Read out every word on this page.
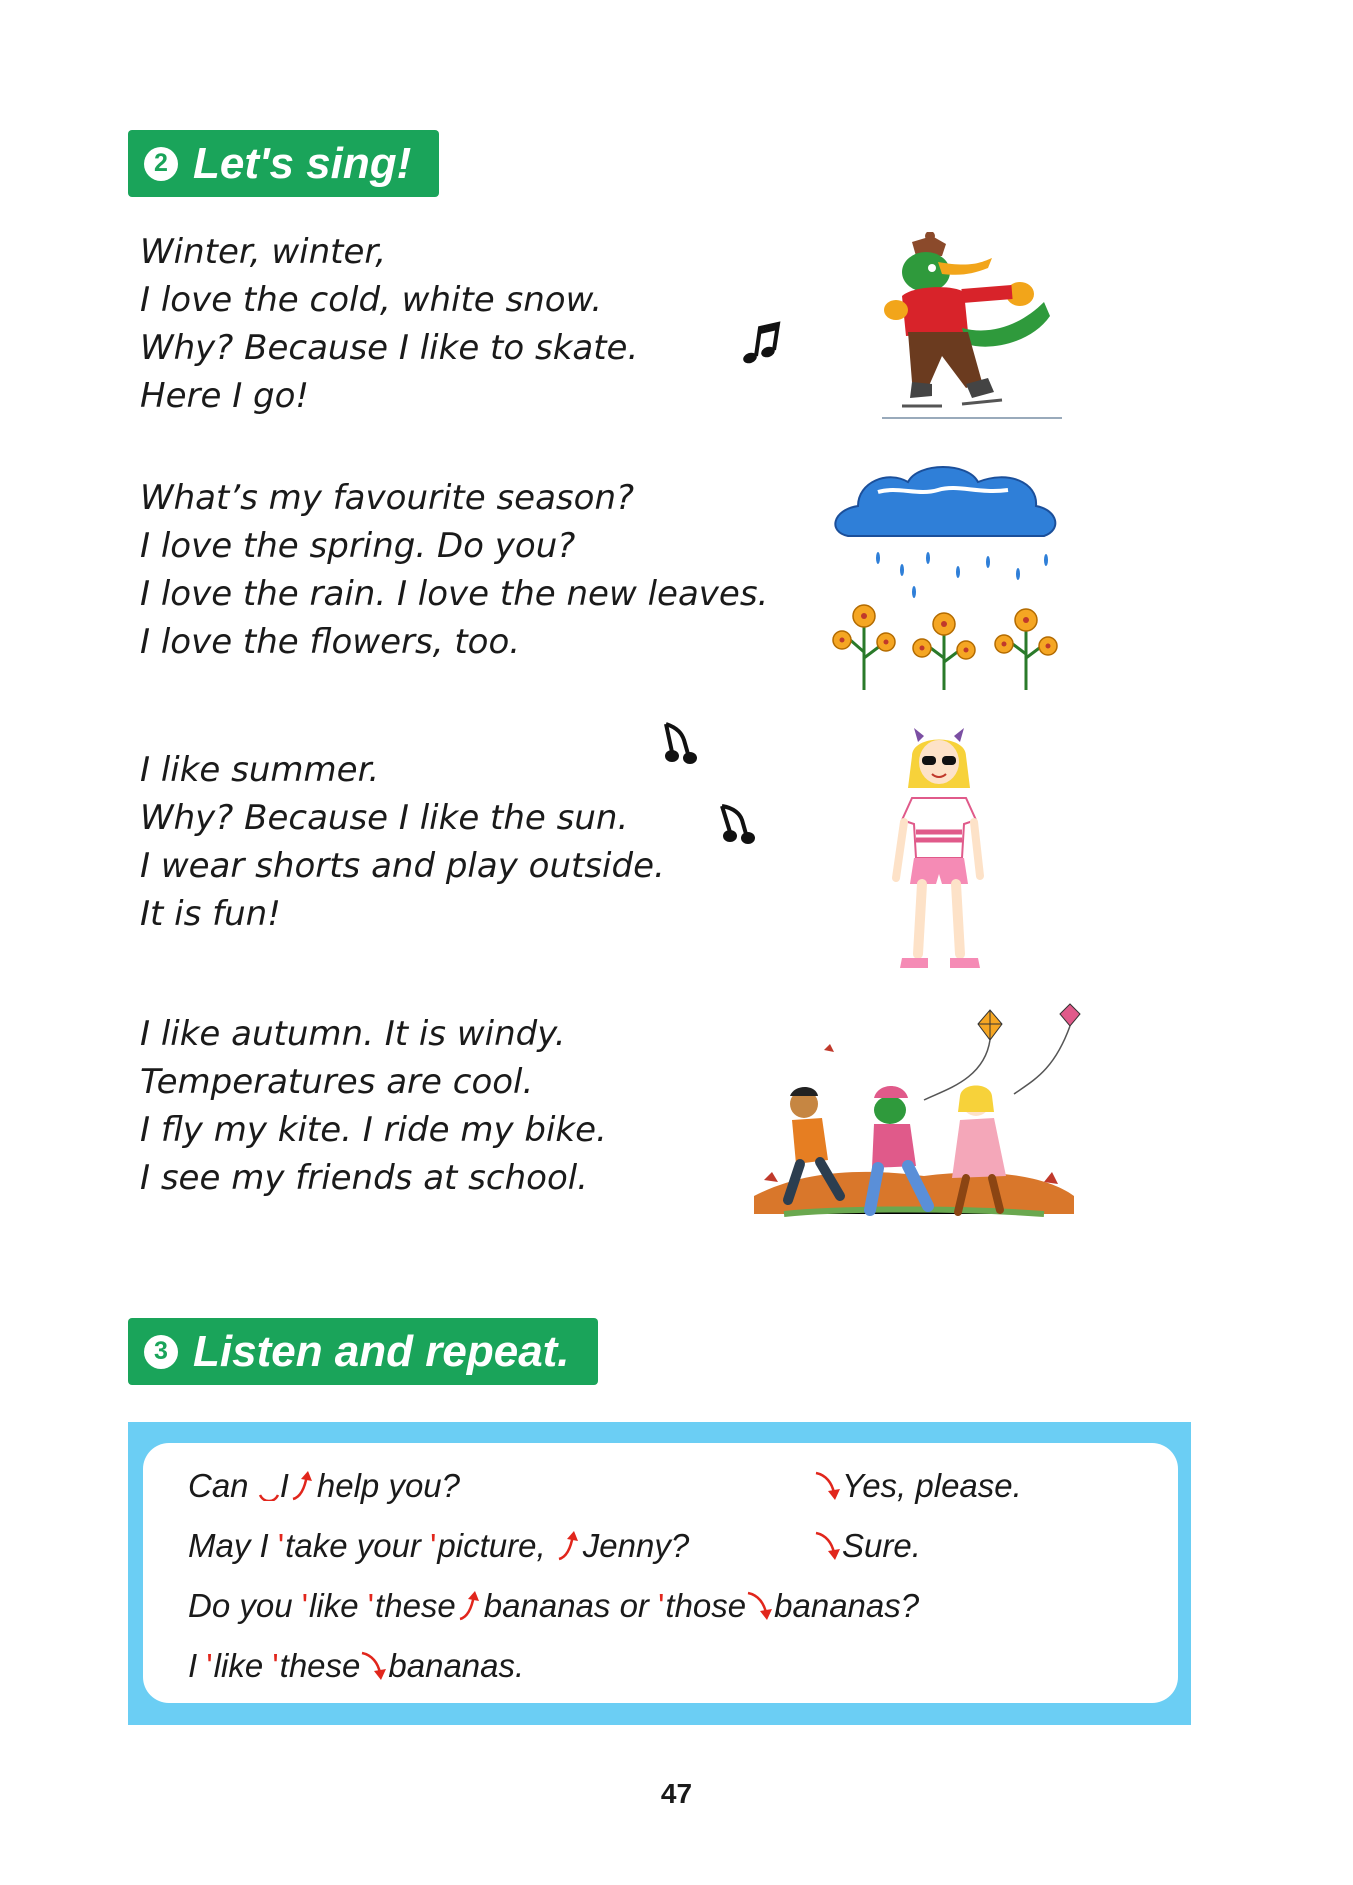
2 Let's sing!
Winter, winter,
I love the cold, white snow.
Why? Because I like to skate.
Here I go!
What’s my favourite season?
I love the spring. Do you?
I love the rain. I love the new leaves.
I love the flowers, too.
I like summer.
Why? Because I like the sun.
I wear shorts and play outside.
It is fun!
I like autumn. It is windy.
Temperatures are cool.
I fly my kite. I ride my bike.
I see my friends at school.
3 Listen and repeat.
Can I help you?	Yes, please.
May I 'take your 'picture,
Jenny?	Sure.
Do you 'like 'these bananas or 'those bananas?
I 'like 'these bananas.
47
